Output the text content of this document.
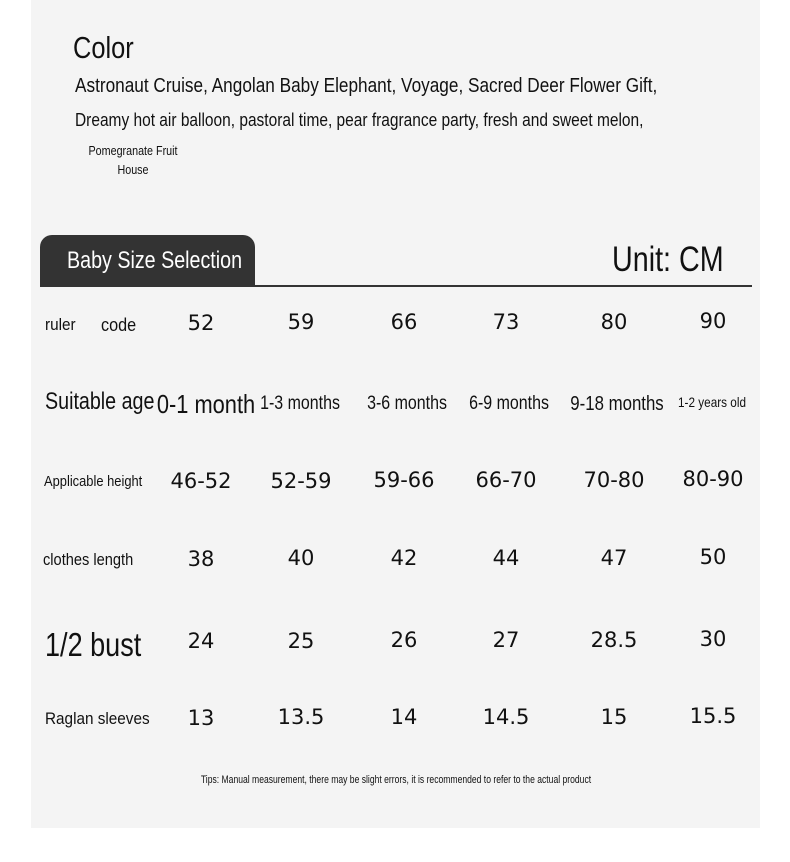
Color
Astronaut Cruise, Angolan Baby Elephant, Voyage, Sacred Deer Flower Gift,
Dreamy hot air balloon, pastoral time, pear fragrance party, fresh and sweet melon,
Pomegranate Fruit
House
Baby Size Selection	Unit: CM
ruler code 52	59	66	73	80	90
Suitable age 0-1 month 1-3 months 3-6 months 6-9 months 9-18 months 1-2 years old
Applicable height 46-52 52-59 59-66 66-70 70-80 80-90
clothes length	38	40	42	44	47	50
1/2 bust 24	25	26	27	28.5	30
Raglan sleeves 13	13.5	14	14.5	15	15.5
Tips: Manual measurement, there may be slight errors, it is recommended to refer to the actual product
